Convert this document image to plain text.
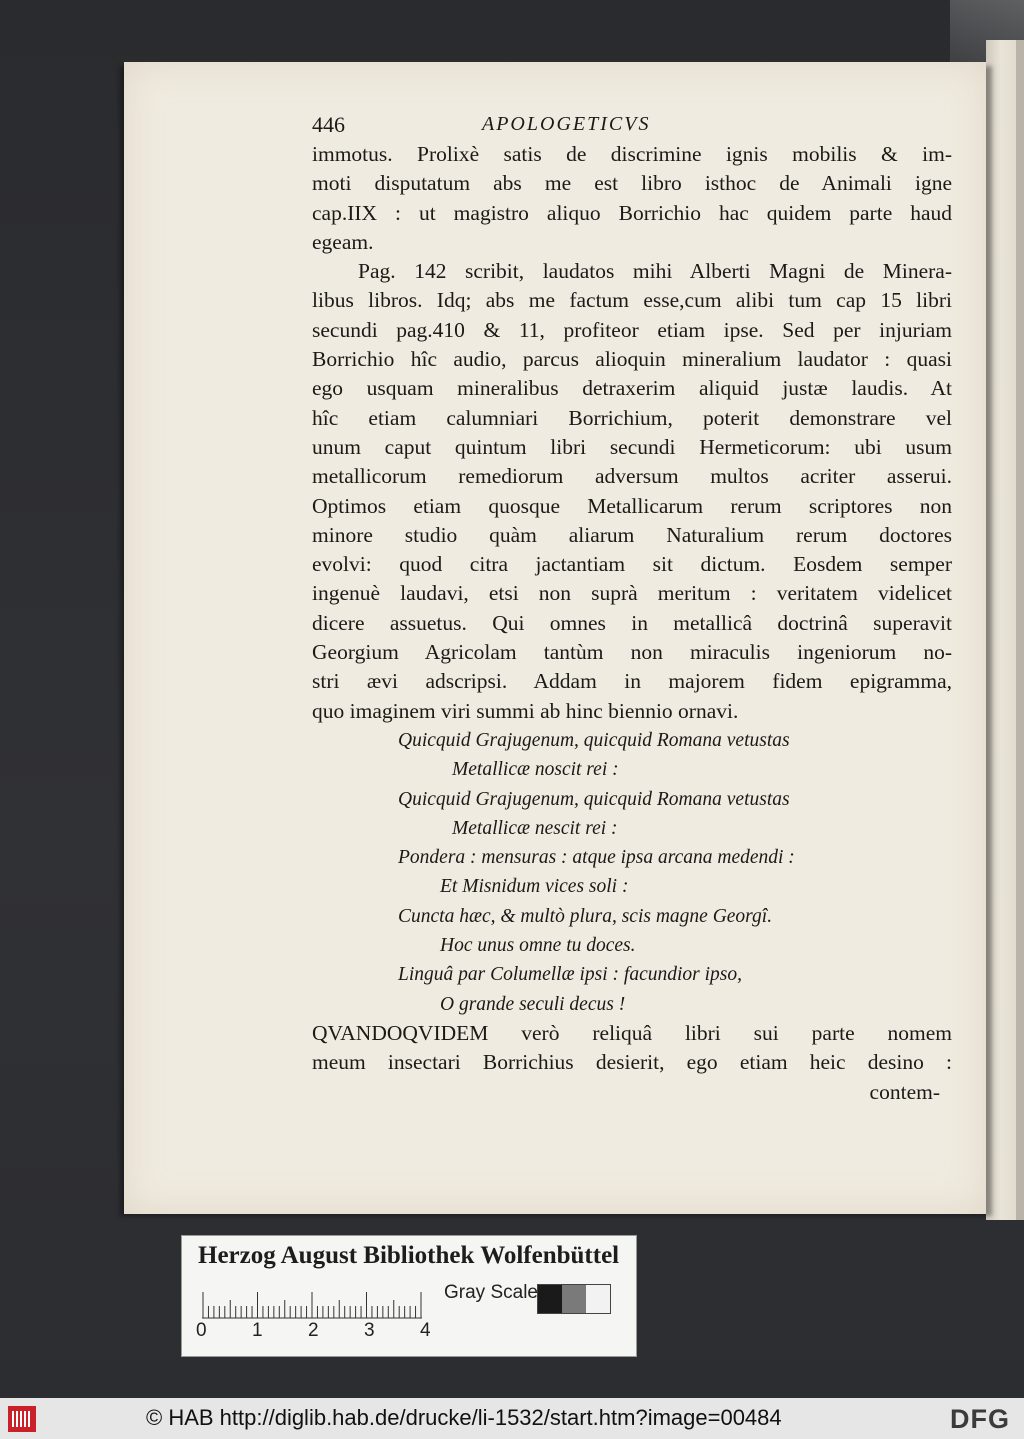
446	APOLOGETICVS
immotus. Prolixè satis de discrimine ignis mobilis & im-
moti disputatum abs me est libro isthoc de Animali igne
cap.IIX : ut magistro aliquo Borrichio hac quidem parte haud
egeam.
Pag. 142 scribit, laudatos mihi Alberti Magni de Minera-
libus libros. Idq; abs me factum esse,cum alibi tum cap 15 libri
secundi pag.410 & 11, profiteor etiam ipse. Sed per injuriam
Borrichio hîc audio, parcus alioquin mineralium laudator : quasi
ego usquam mineralibus detraxerim aliquid justæ laudis. At
hîc etiam calumniari Borrichium, poterit demonstrare vel
unum caput quintum libri secundi Hermeticorum: ubi usum
metallicorum remediorum adversum multos acriter asserui.
Optimos etiam quosque Metallicarum rerum scriptores non
minore studio quàm aliarum Naturalium rerum doctores
evolvi: quod citra jactantiam sit dictum. Eosdem semper
ingenuè laudavi, etsi non suprà meritum : veritatem videlicet
dicere assuetus. Qui omnes in metallicâ doctrinâ superavit
Georgium Agricolam tantùm non miraculis ingeniorum no-
stri ævi adscripsi. Addam in majorem fidem epigramma,
quo imaginem viri summi ab hinc biennio ornavi.
Quicquid Grajugenum, quicquid Romana vetustas
Metallicæ noscit rei :
Quicquid Grajugenum, quicquid Romana vetustas
Metallicæ nescit rei :
Pondera : mensuras : atque ipsa arcana medendi :
Et Misnidum vices soli :
Cuncta hæc, & multò plura, scis magne Georgî.
Hoc unus omne tu doces.
Linguâ par Columellæ ipsi : facundior ipso,
O grande seculi decus !
QVANDOQVIDEM verò reliquâ libri sui parte nomem
meum insectari Borrichius desierit, ego etiam heic desino :
contem-
Herzog August Bibliothek Wolfenbüttel
0 1 2 3 4
Gray Scale
© HAB http://diglib.hab.de/drucke/li-1532/start.htm?image=00484	DFG
